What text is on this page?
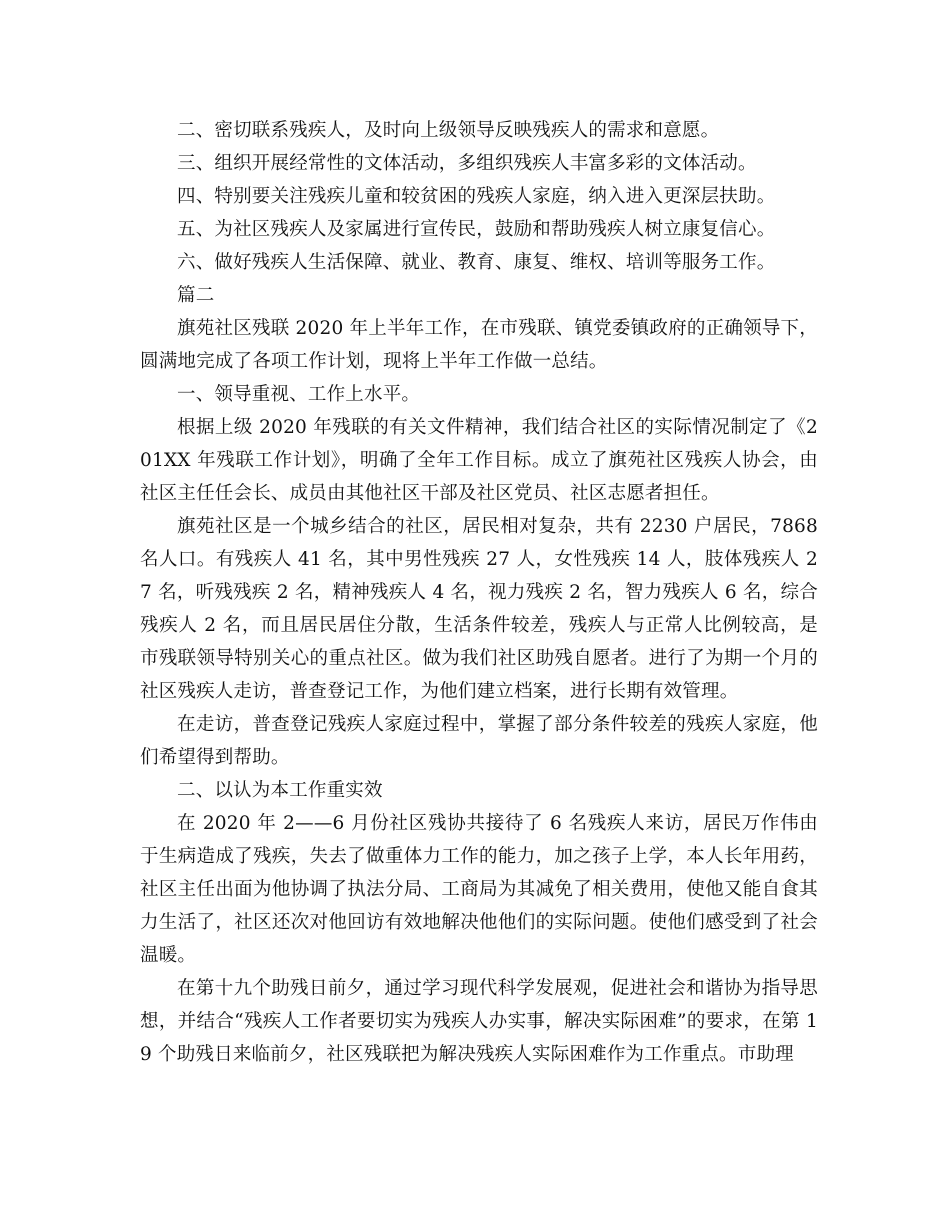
二、密切联系残疾人，及时向上级领导反映残疾人的需求和意愿。

三、组织开展经常性的文体活动，多组织残疾人丰富多彩的文体活动。

四、特别要关注残疾儿童和较贫困的残疾人家庭，纳入进入更深层扶助。

五、为社区残疾人及家属进行宣传民，鼓励和帮助残疾人树立康复信心。

六、做好残疾人生活保障、就业、教育、康复、维权、培训等服务工作。

篇二

旗苑社区残联 2020 年上半年工作，在市残联、镇党委镇政府的正确领导下，圆满地完成了各项工作计划，现将上半年工作做一总结。

一、领导重视、工作上水平。

根据上级 2020 年残联的有关文件精神，我们结合社区的实际情况制定了《201XX 年残联工作计划》，明确了全年工作目标。成立了旗苑社区残疾人协会，由社区主任任会长、成员由其他社区干部及社区党员、社区志愿者担任。

旗苑社区是一个城乡结合的社区，居民相对复杂，共有 2230 户居民，7868 名人口。有残疾人 41 名，其中男性残疾 27 人，女性残疾 14 人，肢体残疾人 27 名，听残残疾 2 名，精神残疾人 4 名，视力残疾 2 名，智力残疾人 6 名，综合残疾人 2 名，而且居民居住分散，生活条件较差，残疾人与正常人比例较高，是市残联领导特别关心的重点社区。做为我们社区助残自愿者。进行了为期一个月的社区残疾人走访，普查登记工作，为他们建立档案，进行长期有效管理。

在走访，普查登记残疾人家庭过程中，掌握了部分条件较差的残疾人家庭，他们希望得到帮助。

二、以认为本工作重实效

在 2020 年 2——6 月份社区残协共接待了 6 名残疾人来访，居民万作伟由于生病造成了残疾，失去了做重体力工作的能力，加之孩子上学，本人长年用药，社区主任出面为他协调了执法分局、工商局为其减免了相关费用，使他又能自食其力生活了，社区还次对他回访有效地解决他他们的实际问题。使他们感受到了社会温暖。

在第十九个助残日前夕，通过学习现代科学发展观，促进社会和谐协为指导思想，并结合“残疾人工作者要切实为残疾人办实事，解决实际困难”的要求，在第 19 个助残日来临前夕，社区残联把为解决残疾人实际困难作为工作重点。市助理
